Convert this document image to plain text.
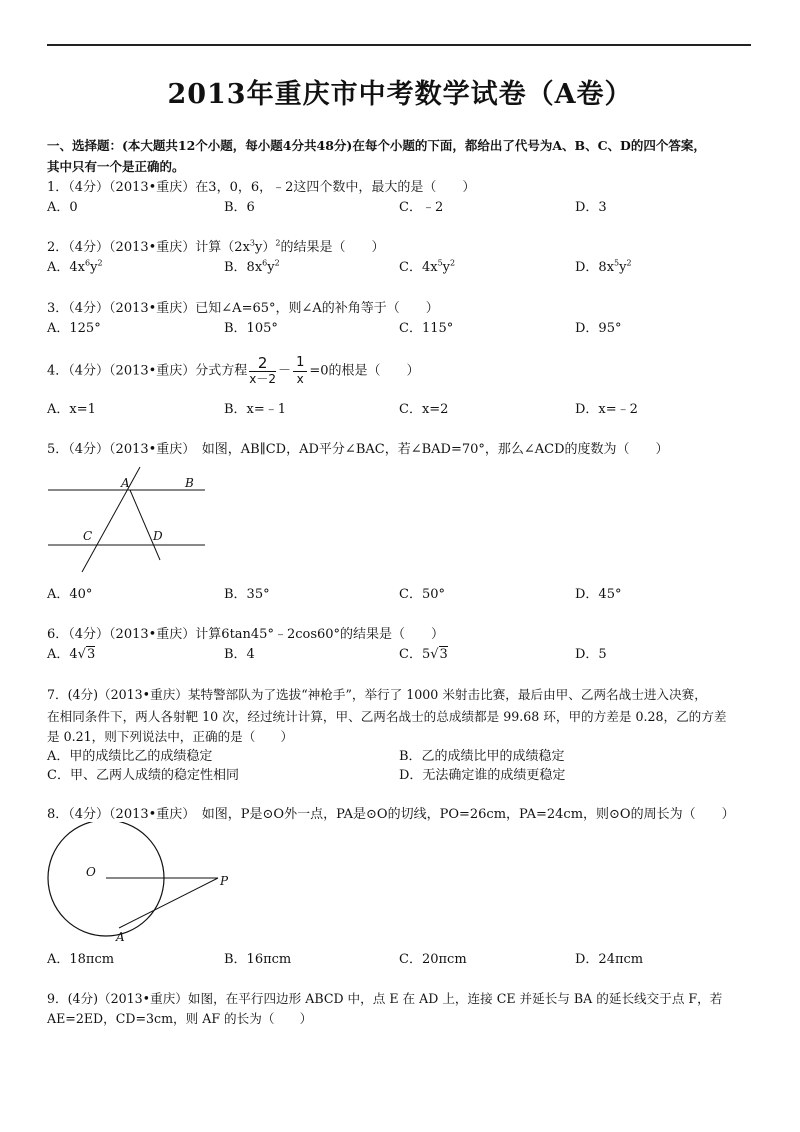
2013年重庆市中考数学试卷（A卷）
一、选择题：(本大题共12个小题，每小题4分共48分)在每个小题的下面，都给出了代号为A、B、C、D的四个答案，
其中只有一个是正确的。
1．（4分）（2013•重庆）在3，0，6，﹣2这四个数中，最大的是（　　）
A．0	B．6	C．﹣2	D．3
2．（4分）（2013•重庆）计算$(2x^3y)^2$的结果是（　　）
A．$4x^6y^2$	B．$8x^6y^2$	C．$4x^5y^2$	D．$8x^5y^2$
3．（4分）（2013•重庆）已知∠A=65°，则∠A的补角等于（　　）
A．125°	B．105°	C．115°	D．95°
4．（4分）（2013•重庆）分式方程 $\frac{2}{x-2} - \frac{1}{x} =0$的根是（　　）
A．x=1	B．x=﹣1	C．x=2	D．x=﹣2
5．（4分）（2013•重庆）　如图，AB∥CD，AD平分∠BAC，若∠BAD=70°，那么∠ACD的度数为（　　）
A	B
C	D
A．40°	B．35°	C．50°	D．45°
6．（4分）（2013•重庆）计算6tan45°﹣2cos60°的结果是（　　）
A．4√3	B．4	C．5√3	D．5
7．(4分)（2013•重庆）某特警部队为了选拔“神枪手”，举行了 1000 米射击比赛，最后由甲、乙两名战士进入决赛，
在相同条件下，两人各射靶 10 次，经过统计计算，甲、乙两名战士的总成绩都是 99.68 环，甲的方差是 0.28，乙的方差
是 0.21，则下列说法中，正确的是（　　）
A．甲的成绩比乙的成绩稳定	B．乙的成绩比甲的成绩稳定
C．甲、乙两人成绩的稳定性相同	D．无法确定谁的成绩更稳定
8．（4分）（2013•重庆）　如图，P是⊙O外一点，PA是⊙O的切线，PO=26cm，PA=24cm，则⊙O的周长为（　　）
O
P
A
A．18πcm	B．16πcm	C．20πcm	D．24πcm
9．(4分)（2013•重庆）如图，在平行四边形 ABCD 中，点 E 在 AD 上，连接 CE 并延长与 BA 的延长线交于点 F，若
AE=2ED，CD=3cm，则 AF 的长为（　　）
